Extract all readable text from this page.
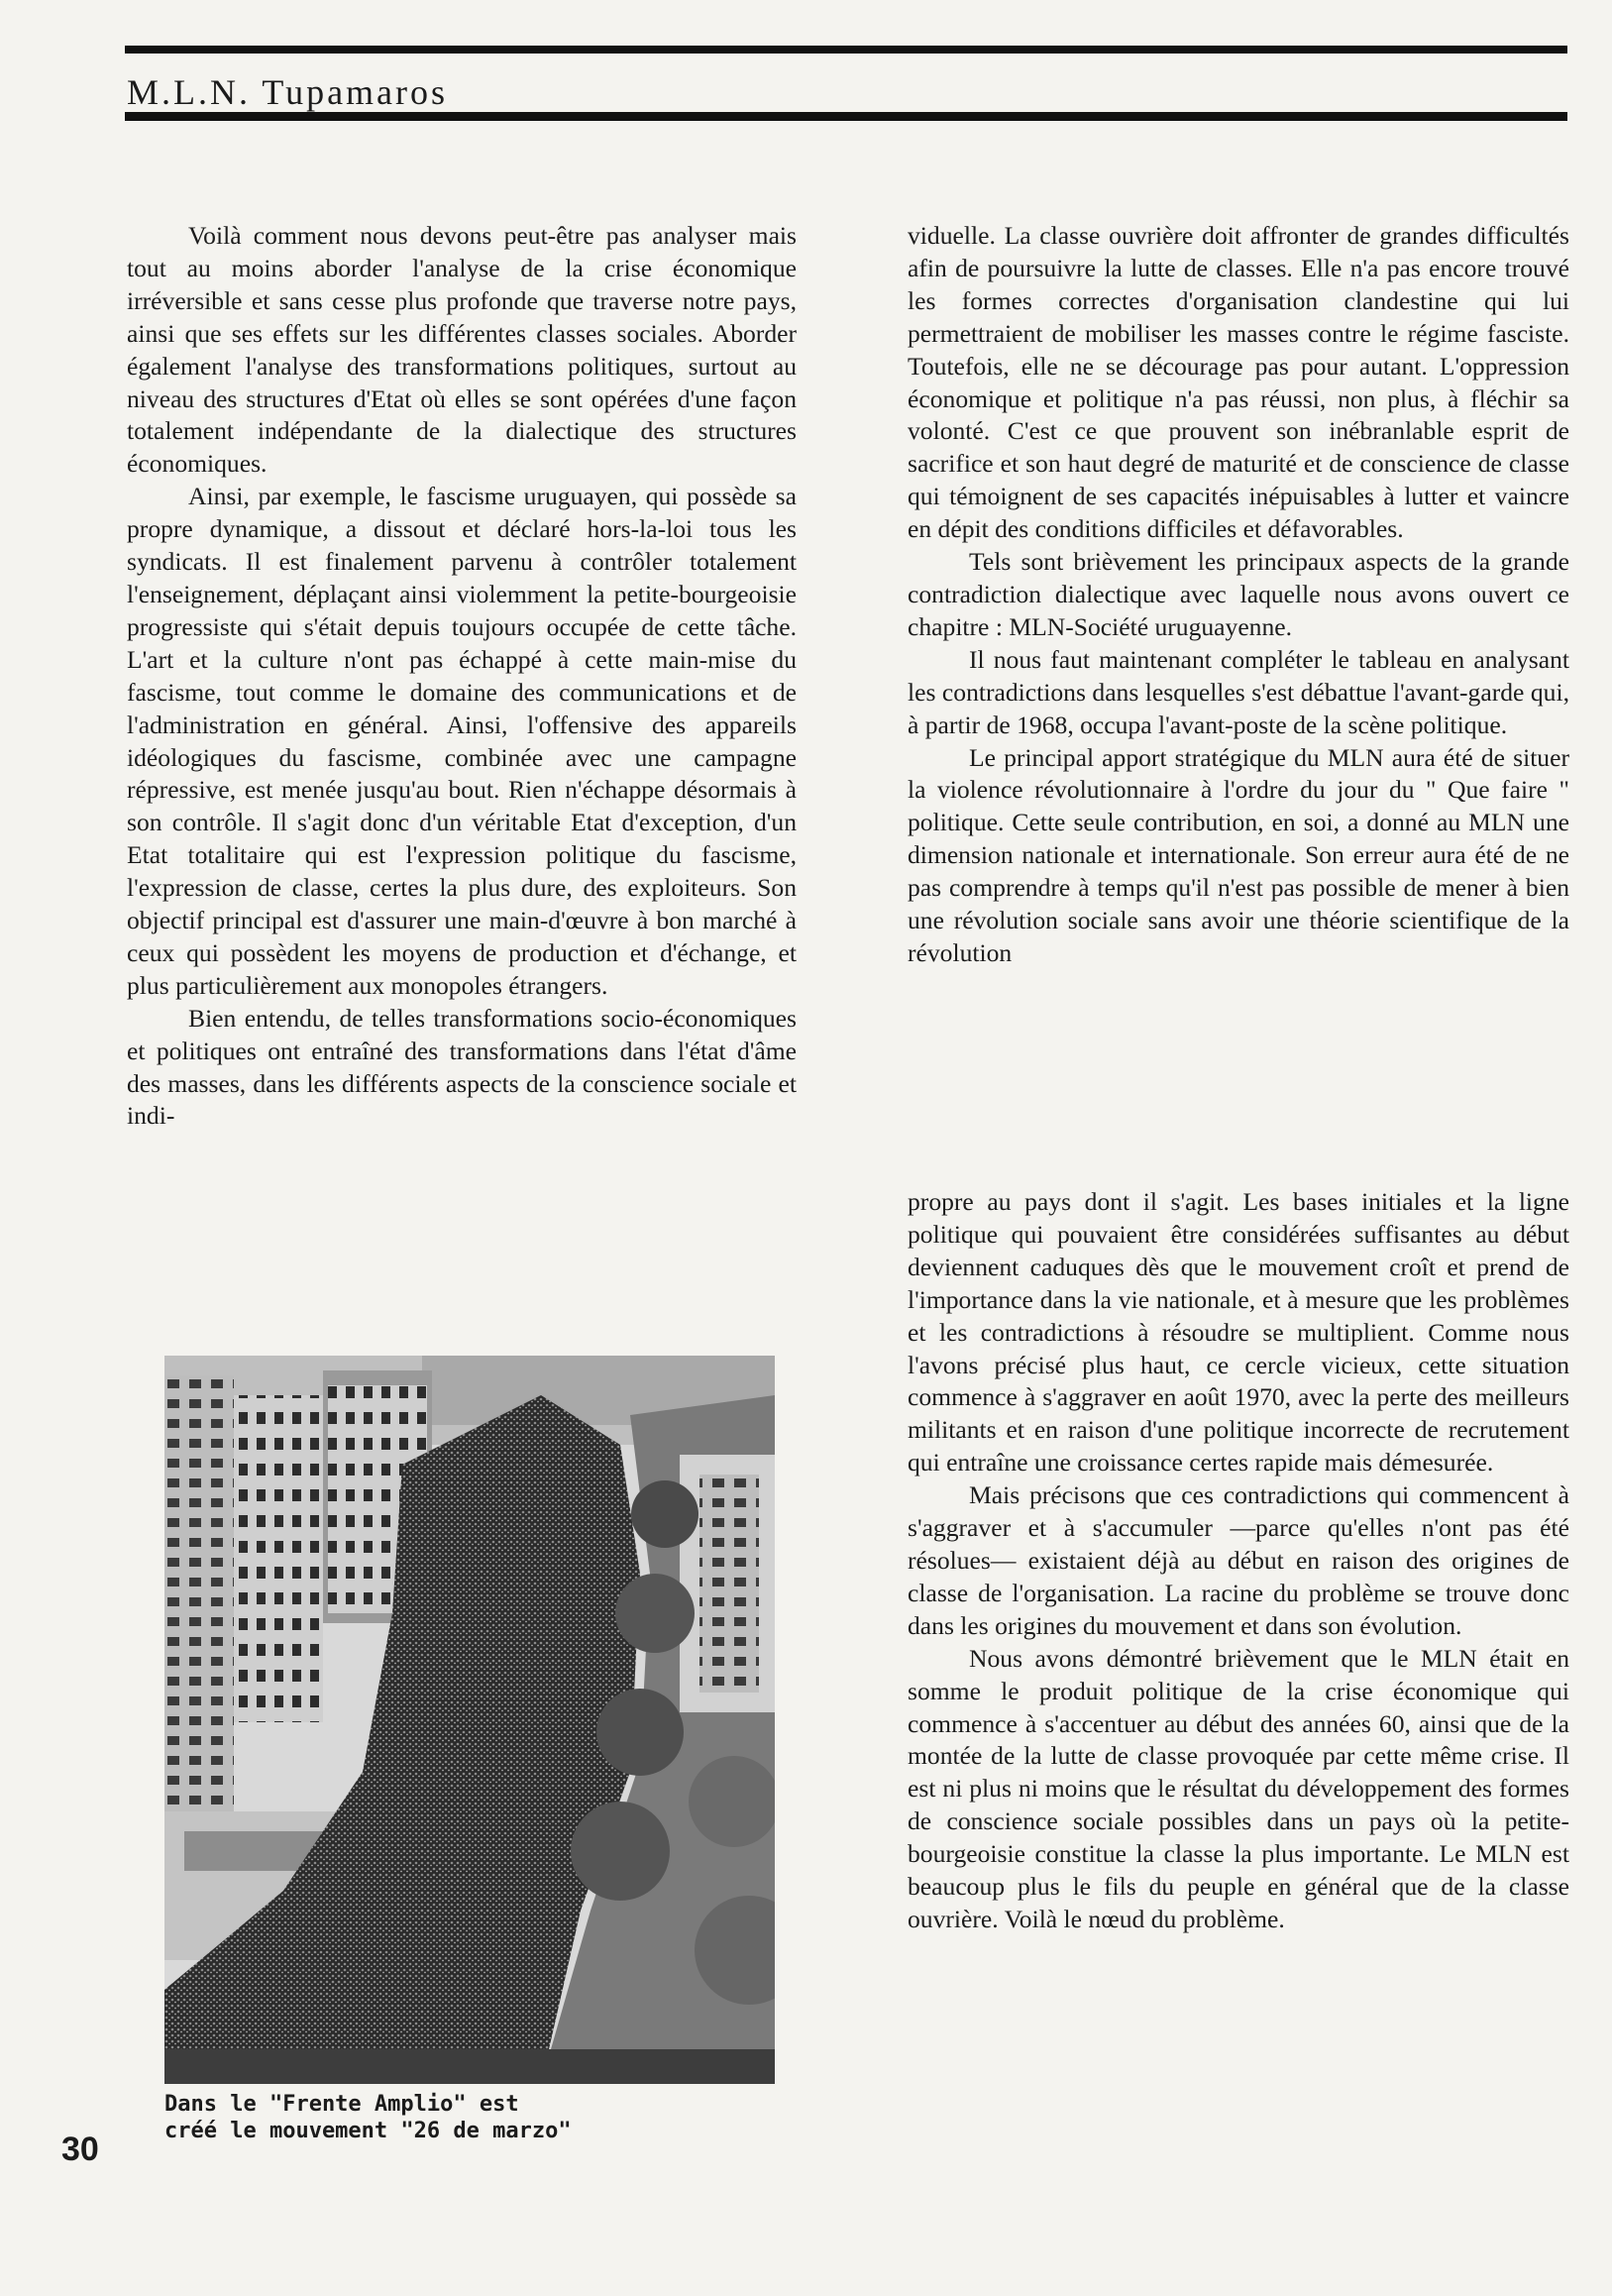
M.L.N. Tupamaros

Voilà comment nous devons peut-être pas analyser mais tout au moins aborder l'analyse de la crise économique irréversible et sans cesse plus profonde que traverse notre pays, ainsi que ses effets sur les différentes classes sociales. Aborder également l'analyse des transformations politiques, surtout au niveau des structures d'Etat où elles se sont opérées d'une façon totalement indépendante de la dialectique des structures économiques.

Ainsi, par exemple, le fascisme uruguayen, qui possède sa propre dynamique, a dissout et déclaré hors-la-loi tous les syndicats. Il est finalement parvenu à contrôler totalement l'enseignement, déplaçant ainsi violemment la petite-bourgeoisie progressiste qui s'était depuis toujours occupée de cette tâche. L'art et la culture n'ont pas échappé à cette main-mise du fascisme, tout comme le domaine des communications et de l'administration en général. Ainsi, l'offensive des appareils idéologiques du fascisme, combinée avec une campagne répressive, est menée jusqu'au bout. Rien n'échappe désormais à son contrôle. Il s'agit donc d'un véritable Etat d'exception, d'un Etat totalitaire qui est l'expression politique du fascisme, l'expression de classe, certes la plus dure, des exploiteurs. Son objectif principal est d'assurer une main-d'œuvre à bon marché à ceux qui possèdent les moyens de production et d'échange, et plus particulièrement aux monopoles étrangers.

Bien entendu, de telles transformations socio-économiques et politiques ont entraîné des transformations dans l'état d'âme des masses, dans les différents aspects de la conscience sociale et indi-

Dans le "Frente Amplio" est
créé le mouvement "26 de marzo"

viduelle. La classe ouvrière doit affronter de grandes difficultés afin de poursuivre la lutte de classes. Elle n'a pas encore trouvé les formes correctes d'organisation clandestine qui lui permettraient de mobiliser les masses contre le régime fasciste. Toutefois, elle ne se décourage pas pour autant. L'oppression économique et politique n'a pas réussi, non plus, à fléchir sa volonté. C'est ce que prouvent son inébranlable esprit de sacrifice et son haut degré de maturité et de conscience de classe qui témoignent de ses capacités inépuisables à lutter et vaincre en dépit des conditions difficiles et défavorables.

Tels sont brièvement les principaux aspects de la grande contradiction dialectique avec laquelle nous avons ouvert ce chapitre : MLN-Société uruguayenne.

Il nous faut maintenant compléter le tableau en analysant les contradictions dans lesquelles s'est débattue l'avant-garde qui, à partir de 1968, occupa l'avant-poste de la scène politique.

Le principal apport stratégique du MLN aura été de situer la violence révolutionnaire à l'ordre du jour du " Que faire " politique. Cette seule contribution, en soi, a donné au MLN une dimension nationale et internationale. Son erreur aura été de ne pas comprendre à temps qu'il n'est pas possible de mener à bien une révolution sociale sans avoir une théorie scientifique de la révolution

propre au pays dont il s'agit. Les bases initiales et la ligne politique qui pouvaient être considérées suffisantes au début deviennent caduques dès que le mouvement croît et prend de l'importance dans la vie nationale, et à mesure que les problèmes et les contradictions à résoudre se multiplient. Comme nous l'avons précisé plus haut, ce cercle vicieux, cette situation commence à s'aggraver en août 1970, avec la perte des meilleurs militants et en raison d'une politique incorrecte de recrutement qui entraîne une croissance certes rapide mais démesurée.

Mais précisons que ces contradictions qui commencent à s'aggraver et à s'accumuler —parce qu'elles n'ont pas été résolues— existaient déjà au début en raison des origines de classe de l'organisation. La racine du problème se trouve donc dans les origines du mouvement et dans son évolution.

Nous avons démontré brièvement que le MLN était en somme le produit politique de la crise économique qui commence à s'accentuer au début des années 60, ainsi que de la montée de la lutte de classe provoquée par cette même crise. Il est ni plus ni moins que le résultat du développement des formes de conscience sociale possibles dans un pays où la petite-bourgeoisie constitue la classe la plus importante. Le MLN est beaucoup plus le fils du peuple en général que de la classe ouvrière. Voilà le nœud du problème.

30
